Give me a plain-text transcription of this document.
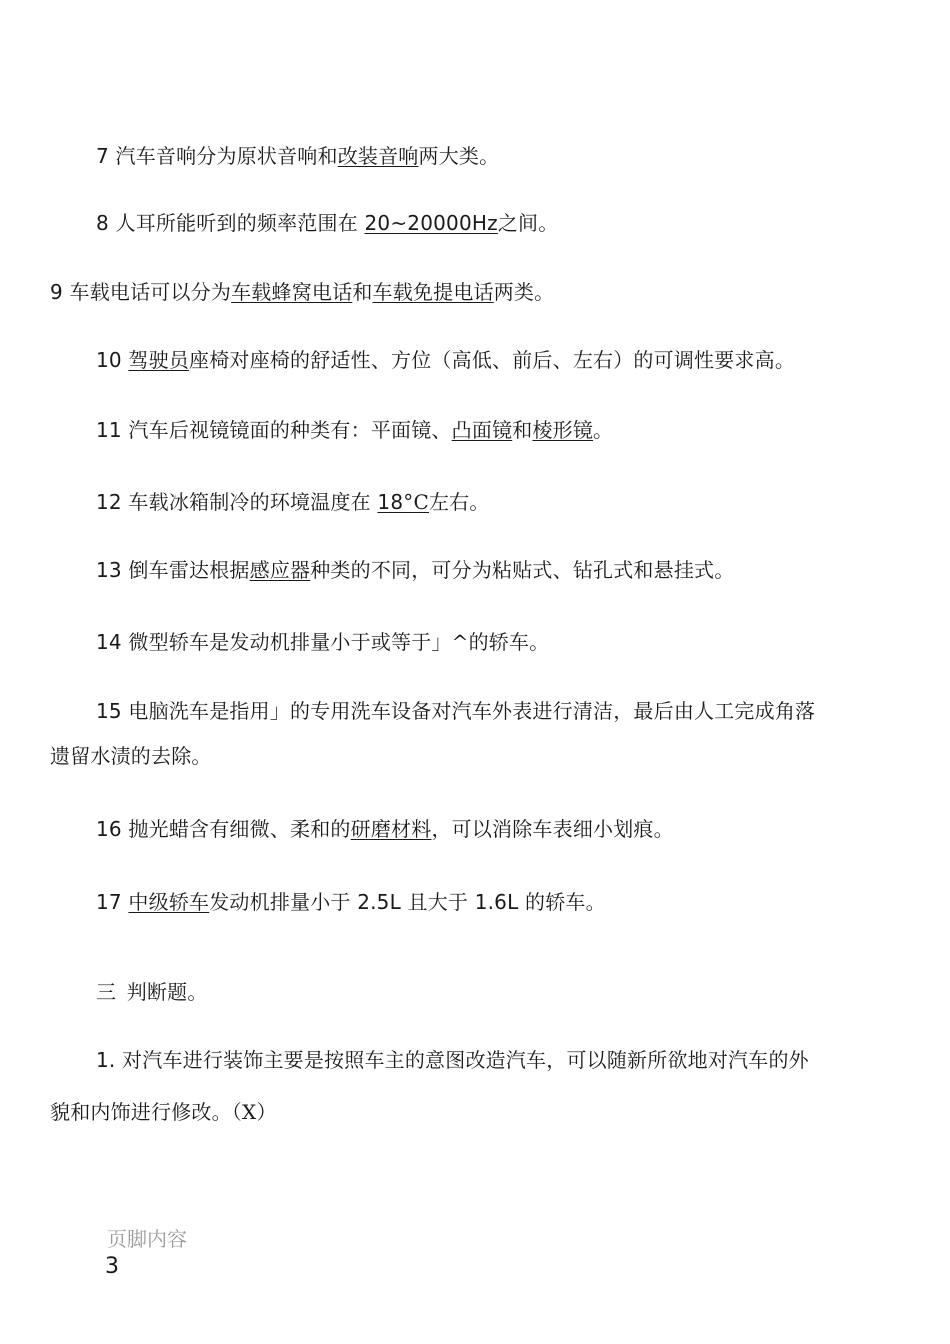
7 汽车音响分为原状音响和改装音响两大类。
8 人耳所能听到的频率范围在 20~20000Hz之间。
9 车载电话可以分为车载蜂窝电话和车载免提电话两类。
10 驾驶员座椅对座椅的舒适性、方位（高低、前后、左右）的可调性要求高。
11 汽车后视镜镜面的种类有：平面镜、凸面镜和棱形镜。
12 车载冰箱制冷的环境温度在 18°C左右。
13 倒车雷达根据感应器种类的不同，可分为粘贴式、钻孔式和悬挂式。
14 微型轿车是发动机排量小于或等于」^的轿车。
15 电脑洗车是指用」的专用洗车设备对汽车外表进行清洁，最后由人工完成角落
遗留水渍的去除。
16 抛光蜡含有细微、柔和的研磨材料，可以消除车表细小划痕。
17 中级轿车发动机排量小于 2.5L 且大于 1.6L 的轿车。
三 判断题。
1. 对汽车进行装饰主要是按照车主的意图改造汽车，可以随新所欲地对汽车的外
貌和内饰进行修改。（X）
页脚内容
3
